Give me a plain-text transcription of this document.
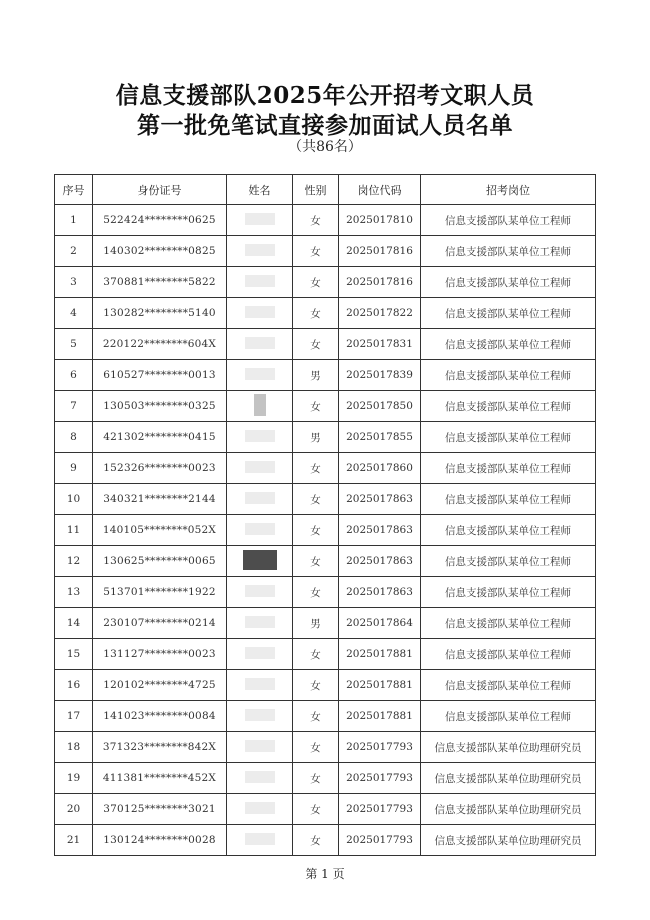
信息支援部队2025年公开招考文职人员
第一批免笔试直接参加面试人员名单
（共86名）
序号	身份证号	姓名	性别	岗位代码	招考岗位
1	522424********0625		女	2025017810	信息支援部队某单位工程师
2	140302********0825		女	2025017816	信息支援部队某单位工程师
3	370881********5822		女	2025017816	信息支援部队某单位工程师
4	130282********5140		女	2025017822	信息支援部队某单位工程师
5	220122********604X		女	2025017831	信息支援部队某单位工程师
6	610527********0013		男	2025017839	信息支援部队某单位工程师
7	130503********0325		女	2025017850	信息支援部队某单位工程师
8	421302********0415		男	2025017855	信息支援部队某单位工程师
9	152326********0023		女	2025017860	信息支援部队某单位工程师
10	340321********2144		女	2025017863	信息支援部队某单位工程师
11	140105********052X		女	2025017863	信息支援部队某单位工程师
12	130625********0065		女	2025017863	信息支援部队某单位工程师
13	513701********1922		女	2025017863	信息支援部队某单位工程师
14	230107********0214		男	2025017864	信息支援部队某单位工程师
15	131127********0023		女	2025017881	信息支援部队某单位工程师
16	120102********4725		女	2025017881	信息支援部队某单位工程师
17	141023********0084		女	2025017881	信息支援部队某单位工程师
18	371323********842X		女	2025017793	信息支援部队某单位助理研究员
19	411381********452X		女	2025017793	信息支援部队某单位助理研究员
20	370125********3021		女	2025017793	信息支援部队某单位助理研究员
21	130124********0028		女	2025017793	信息支援部队某单位助理研究员
第 1 页
